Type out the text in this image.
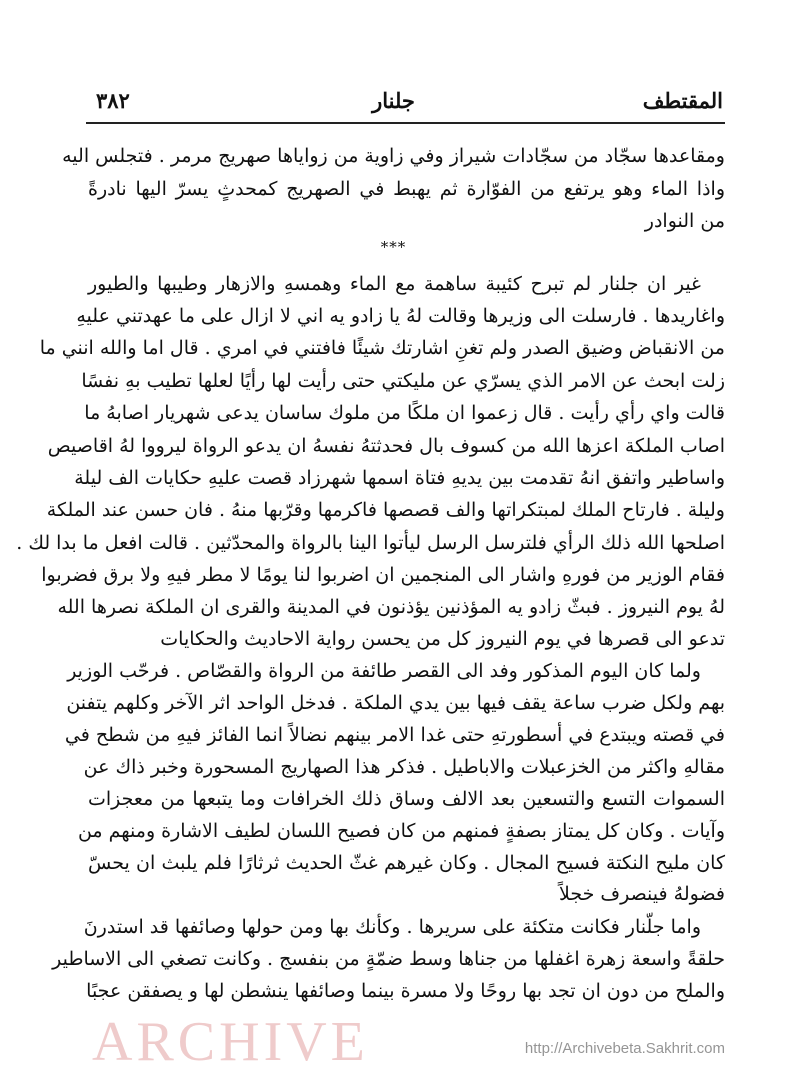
المقتطف
جلنار
٣٨٢
***
ومقاعدها سجّاد من سجّادات شيراز وفي زاوية من زواياها صهريج مرمر . فتجلس اليه
واذا الماء وهو يرتفع من الفوّارة ثم يهبط في الصهريج كمحدثٍ يسرّ اليها نادرةً
من النوادر
غير ان جلنار لم تبرح كئيبة ساهمة مع الماء وهمسهِ والازهار وطيبها والطيور
واغاريدها . فارسلت الى وزيرها وقالت لهُ يا زادو يه اني لا ازال على ما عهدتني عليهِ
من الانقباض وضيق الصدر ولم تغنِ اشارتك شيئًا فافتني في امري . قال اما والله انني ما
زلت ابحث عن الامر الذي يسرّي عن مليكتي حتى رأيت لها رأيًا لعلها تطيب بهِ نفسًا
قالت واي رأي رأيت . قال زعموا ان ملكًا من ملوك ساسان يدعى شهريار اصابهُ ما
اصاب الملكة اعزها الله من كسوف بال فحدثتهُ نفسهُ ان يدعو الرواة ليرووا لهُ اقاصيص
واساطير واتفق انهُ تقدمت بين يديهِ فتاة اسمها شهرزاد قصت عليهِ حكايات الف ليلة
وليلة . فارتاح الملك لمبتكراتها والف قصصها فاكرمها وقرّبها منهُ . فان حسن عند الملكة
اصلحها الله ذلك الرأي فلترسل الرسل ليأتوا الينا بالرواة والمحدّثين . قالت افعل ما بدا لك .
فقام الوزير من فورهِ واشار الى المنجمين ان اضربوا لنا يومًا لا مطر فيهِ ولا برق فضربوا
لهُ يوم النيروز . فبثّ زادو يه المؤذنين يؤذنون في المدينة والقرى ان الملكة نصرها الله
تدعو الى قصرها في يوم النيروز كل من يحسن رواية الاحاديث والحكايات
ولما كان اليوم المذكور وفد الى القصر طائفة من الرواة والقصّاص . فرحّب الوزير
بهم ولكل ضرب ساعة يقف فيها بين يدي الملكة . فدخل الواحد اثر الآخر وكلهم يتفنن
في قصته ويبتدع في أسطورتهِ حتى غدا الامر بينهم نضالاً انما الفائز فيهِ من شطح في
مقالهِ واكثر من الخزعبلات والاباطيل . فذكر هذا الصهاريج المسحورة وخبر ذاك عن
السموات التسع والتسعين بعد الالف وساق ذلك الخرافات وما يتبعها من معجزات
وآيات . وكان كل يمتاز بصفةٍ فمنهم من كان فصيح اللسان لطيف الاشارة ومنهم من
كان مليح النكتة فسيح المجال . وكان غيرهم غثّ الحديث ثرثارًا فلم يلبث ان يحسّ
فضولهُ فينصرف خجلاً
واما جلّنار فكانت متكئة على سريرها . وكأنك بها ومن حولها وصائفها قد استدرنَ
حلقةً واسعة زهرة اغفلها من جناها وسط ضمّةٍ من بنفسج . وكانت تصغي الى الاساطير
والملح من دون ان تجد بها روحًا ولا مسرة بينما وصائفها ينشطن لها و يصفقن عجبًا
ARCHIVE	http://Archivebeta.Sakhrit.com
